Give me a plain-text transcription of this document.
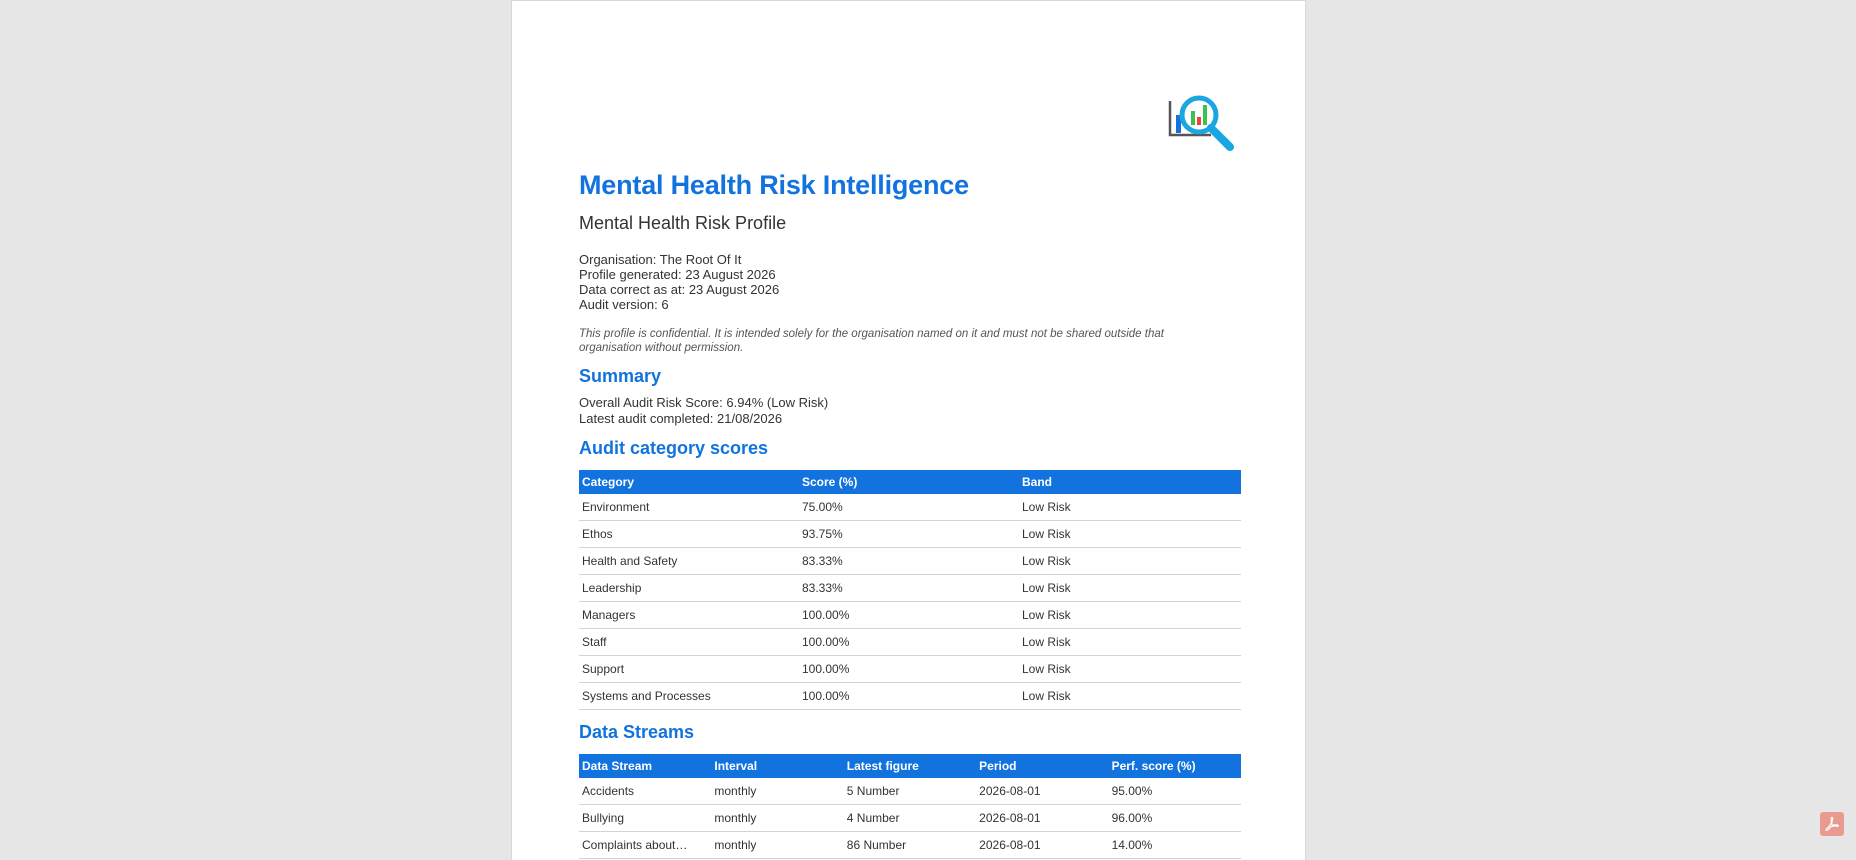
Mental Health Risk Intelligence
Mental Health Risk Profile
Organisation: The Root Of It
Profile generated: 23 August 2026
Data correct as at: 23 August 2026
Audit version: 6
This profile is confidential. It is intended solely for the organisation named on it and must not be shared outside that organisation without permission.
Summary
Overall Audit Risk Score: 6.94% (Low Risk)
Latest audit completed: 21/08/2026
Audit category scores
Category	Score (%)	Band
Environment	75.00%	Low Risk
Ethos	93.75%	Low Risk
Health and Safety	83.33%	Low Risk
Leadership	83.33%	Low Risk
Managers	100.00%	Low Risk
Staff	100.00%	Low Risk
Support	100.00%	Low Risk
Systems and Processes	100.00%	Low Risk
Data Streams
Data Stream	Interval	Latest figure	Period	Perf. score (%)
Accidents	monthly	5 Number	2026-08-01	95.00%
Bullying	monthly	4 Number	2026-08-01	96.00%
Complaints about…	monthly	86 Number	2026-08-01	14.00%
